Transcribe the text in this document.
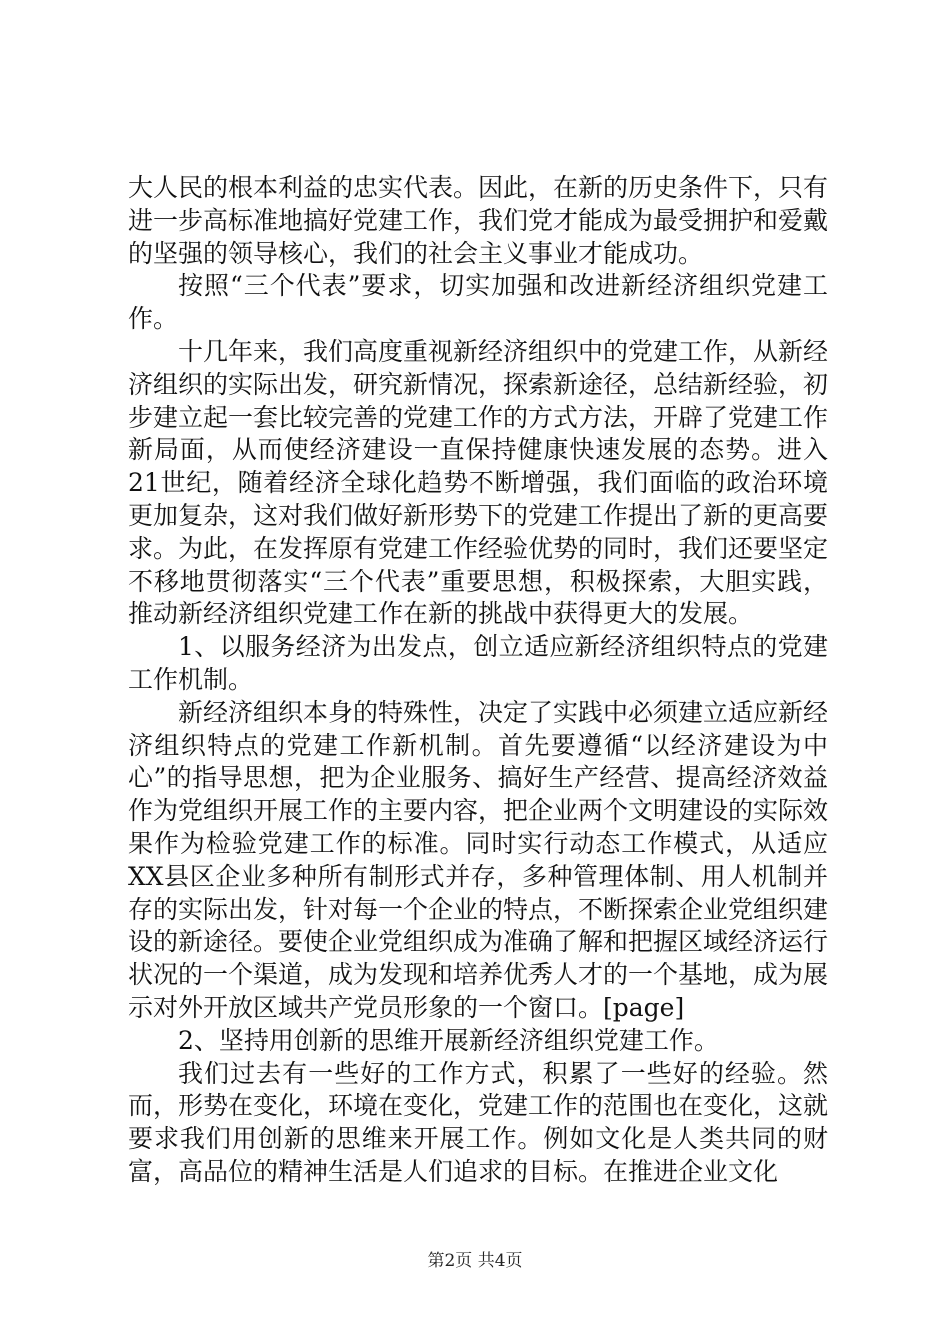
大人民的根本利益的忠实代表。因此，在新的历史条件下，只有进一步高标准地搞好党建工作，我们党才能成为最受拥护和爱戴的坚强的领导核心，我们的社会主义事业才能成功。

按照“三个代表”要求，切实加强和改进新经济组织党建工作。

十几年来，我们高度重视新经济组织中的党建工作，从新经济组织的实际出发，研究新情况，探索新途径，总结新经验，初步建立起一套比较完善的党建工作的方式方法，开辟了党建工作新局面，从而使经济建设一直保持健康快速发展的态势。进入21世纪，随着经济全球化趋势不断增强，我们面临的政治环境更加复杂，这对我们做好新形势下的党建工作提出了新的更高要求。为此，在发挥原有党建工作经验优势的同时，我们还要坚定不移地贯彻落实“三个代表”重要思想，积极探索，大胆实践，推动新经济组织党建工作在新的挑战中获得更大的发展。

1、以服务经济为出发点，创立适应新经济组织特点的党建工作机制。

新经济组织本身的特殊性，决定了实践中必须建立适应新经济组织特点的党建工作新机制。首先要遵循“以经济建设为中心”的指导思想，把为企业服务、搞好生产经营、提高经济效益作为党组织开展工作的主要内容，把企业两个文明建设的实际效果作为检验党建工作的标准。同时实行动态工作模式，从适应XX县区企业多种所有制形式并存，多种管理体制、用人机制并存的实际出发，针对每一个企业的特点，不断探索企业党组织建设的新途径。要使企业党组织成为准确了解和把握区域经济运行状况的一个渠道，成为发现和培养优秀人才的一个基地，成为展示对外开放区域共产党员形象的一个窗口。[page]

2、坚持用创新的思维开展新经济组织党建工作。

我们过去有一些好的工作方式，积累了一些好的经验。然而，形势在变化，环境在变化，党建工作的范围也在变化，这就要求我们用创新的思维来开展工作。例如文化是人类共同的财富，高品位的精神生活是人们追求的目标。在推进企业文化

第2页 共4页
